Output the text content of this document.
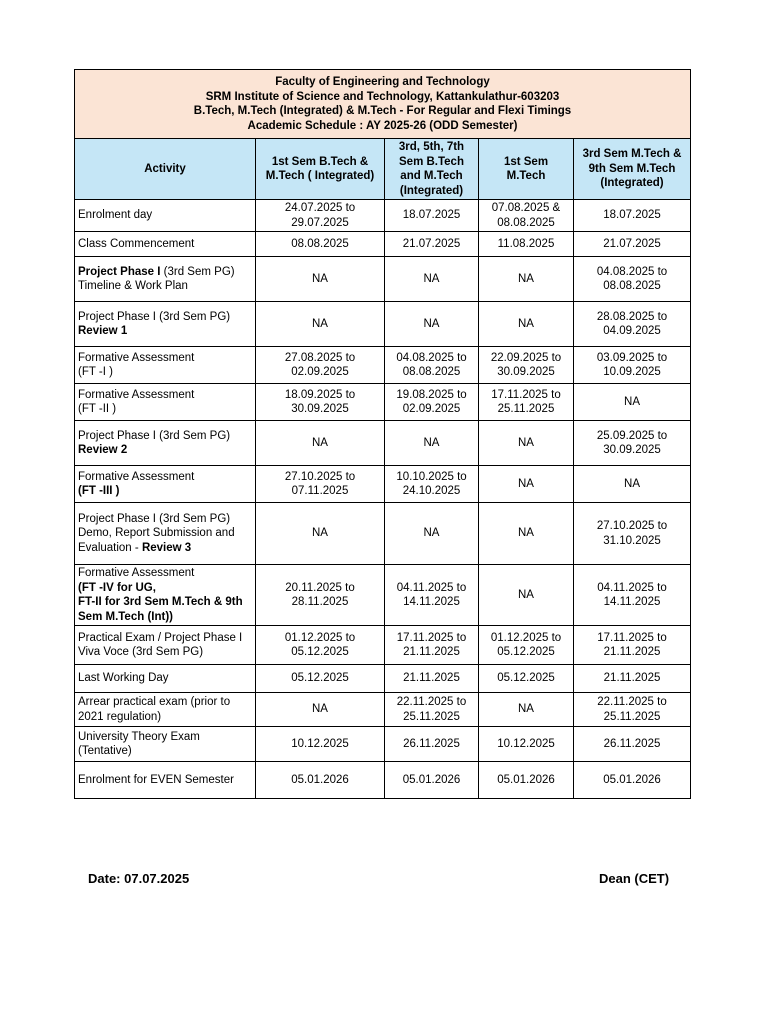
Faculty of Engineering and Technology
SRM Institute of Science and Technology, Kattankulathur-603203
B.Tech, M.Tech (Integrated) & M.Tech - For Regular and Flexi Timings
Academic Schedule : AY 2025-26 (ODD Semester)				

Activity	1st Sem B.Tech &
M.Tech ( Integrated)	3rd, 5th, 7th
Sem B.Tech
and M.Tech
(Integrated)	1st Sem
M.Tech	3rd Sem M.Tech &
9th Sem M.Tech
(Integrated)

Enrolment day	24.07.2025 to
29.07.2025	18.07.2025	07.08.2025 &
08.08.2025	18.07.2025

Class Commencement	08.08.2025	21.07.2025	11.08.2025	21.07.2025

Project Phase I (3rd Sem PG)
Timeline & Work Plan	NA	NA	NA	04.08.2025 to
08.08.2025

Project Phase I (3rd Sem PG)
Review 1	NA	NA	NA	28.08.2025 to
04.09.2025

Formative Assessment
(FT -I )	27.08.2025 to
02.09.2025	04.08.2025 to
08.08.2025	22.09.2025 to
30.09.2025	03.09.2025 to
10.09.2025

Formative Assessment
(FT -II )	18.09.2025 to
30.09.2025	19.08.2025 to
02.09.2025	17.11.2025 to
25.11.2025	NA

Project Phase I (3rd Sem PG)
Review 2	NA	NA	NA	25.09.2025 to
30.09.2025

Formative Assessment
(FT -III )	27.10.2025 to
07.11.2025	10.10.2025 to
24.10.2025	NA	NA

Project Phase I (3rd Sem PG)
Demo, Report Submission and
Evaluation - Review 3	NA	NA	NA	27.10.2025 to
31.10.2025

Formative Assessment
(FT -IV for UG,
FT-II for 3rd Sem M.Tech & 9th
Sem M.Tech (Int))	20.11.2025 to
28.11.2025	04.11.2025 to
14.11.2025	NA	04.11.2025 to
14.11.2025

Practical Exam / Project Phase I
Viva Voce (3rd Sem PG)	01.12.2025 to
05.12.2025	17.11.2025 to
21.11.2025	01.12.2025 to
05.12.2025	17.11.2025 to
21.11.2025

Last Working Day	05.12.2025	21.11.2025	05.12.2025	21.11.2025

Arrear practical exam (prior to
2021 regulation)	NA	22.11.2025 to
25.11.2025	NA	22.11.2025 to
25.11.2025

University Theory Exam
(Tentative)	10.12.2025	26.11.2025	10.12.2025	26.11.2025

Enrolment for EVEN Semester	05.01.2026	05.01.2026	05.01.2026	05.01.2026
Date: 07.07.2025	Dean (CET)
